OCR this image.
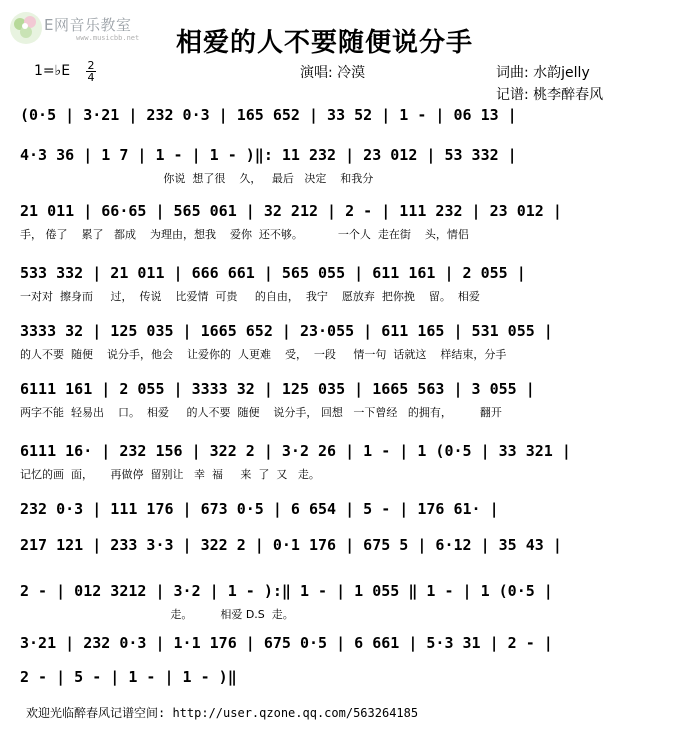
E网音乐教室
www.musicbb.net 相爱的人不要随便说分手
1=♭E 2
4	演唱: 冷漠	词曲: 水韵jelly
记谱: 桃李醉春风
(0·5 | 3·21 | 232 0·3 | 165 652 | 33 52 | 1 - | 06 13 |
4·3 36 | 1 7 | 1 - | 1 - )‖: 11 232 | 23 012 | 53 332 |
你说  想了很    久，   最后   决定    和我分
21 011 | 66·65 | 565 061 | 32 212 | 2 - | 111 232 | 23 012 |
手， 倦了    累了   都成    为理由，想我    爱你  还不够。          一个人  走在街    头，情侣
533 332 | 21 011 | 666 661 | 565 055 | 611 161 | 2 055 |
一对对  擦身而     过，  传说    比爱情  可贵     的自由，  我宁    愿放弃  把你挽    留。  相爱
3333 32 | 125 035 | 1665 652 | 23·055 | 611 165 | 531 055 |
的人不要  随便    说分手，他会    让爱你的  人更难    受，  一段     情一句  话就这    样结束，分手
6111 161 | 2 055 | 3333 32 | 125 035 | 1665 563 | 3 055 |
两字不能  轻易出    口。  相爱     的人不要  随便    说分手， 回想   一下曾经   的拥有，        翻开
6111 16· | 232 156 | 322 2 | 3·2 26 | 1 - | 1 (0·5 | 33 321 |
记忆的画  面，     再做停  留别让   幸  福     来  了  又   走。
232 0·3 | 111 176 | 673 0·5 | 6 654 | 5 - | 176 61· |
217 121 | 233 3·3 | 322 2 | 0·1 176 | 675 5 | 6·12 | 35 43 |
2 - | 012 3212 | 3·2 | 1 - ):‖ 1 - | 1 055 ‖ 1 - | 1 (0·5 |
走。        相爱 D.S  走。
3·21 | 232 0·3 | 1·1 176 | 675 0·5 | 6 661 | 5·3 31 | 2 - |
2 - | 5 - | 1 - | 1 - )‖
欢迎光临醉春风记谱空间: http://user.qzone.qq.com/563264185
